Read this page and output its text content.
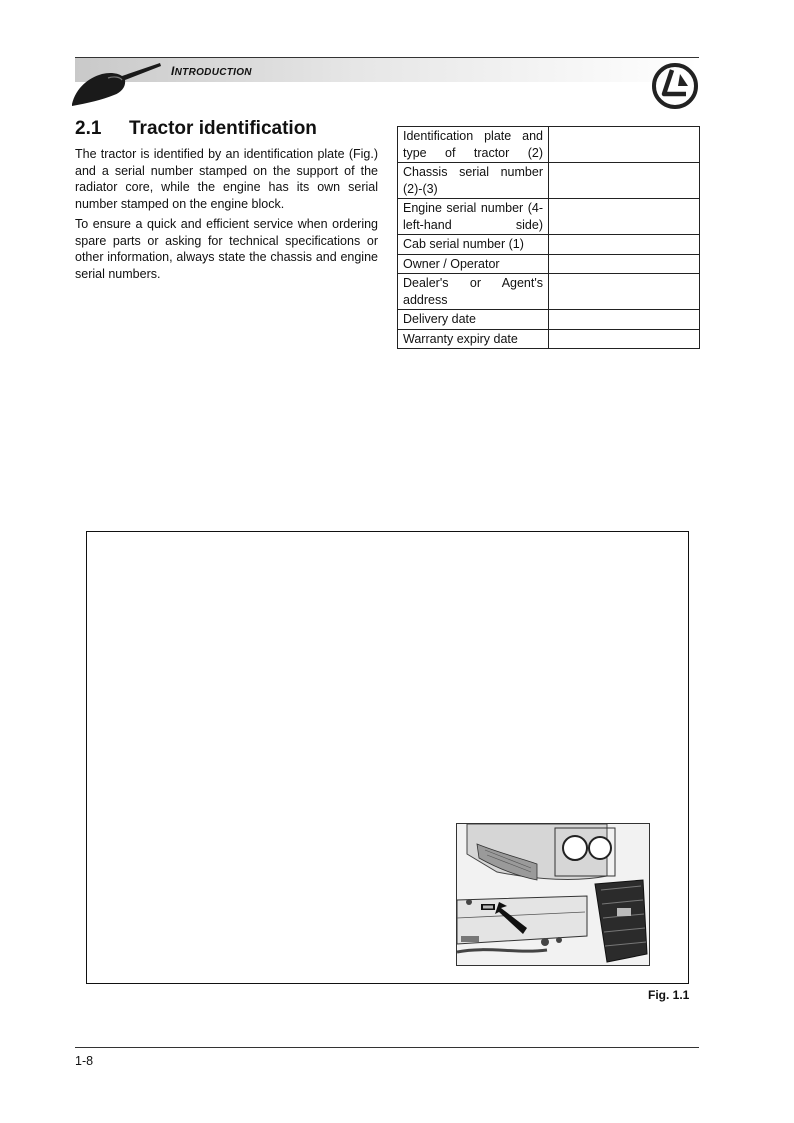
INTRODUCTION
2.1 Tractor identification

The tractor is identified by an identification plate (Fig.) and a serial number stamped on the support of the radiator core, while the engine has its own serial number stamped on the engine block.

To ensure a quick and efficient service when ordering spare parts or asking for technical specifications or other information, always state the chassis and engine serial numbers.

Identification plate and type of tractor (2)	
Chassis serial number (2)-(3)	
Engine serial number (4-left-hand side)	
Cab serial number (1)	
Owner / Operator	
Dealer's or Agent's address	
Delivery date	
Warranty expiry date	
Fig. 1.1
1-8
